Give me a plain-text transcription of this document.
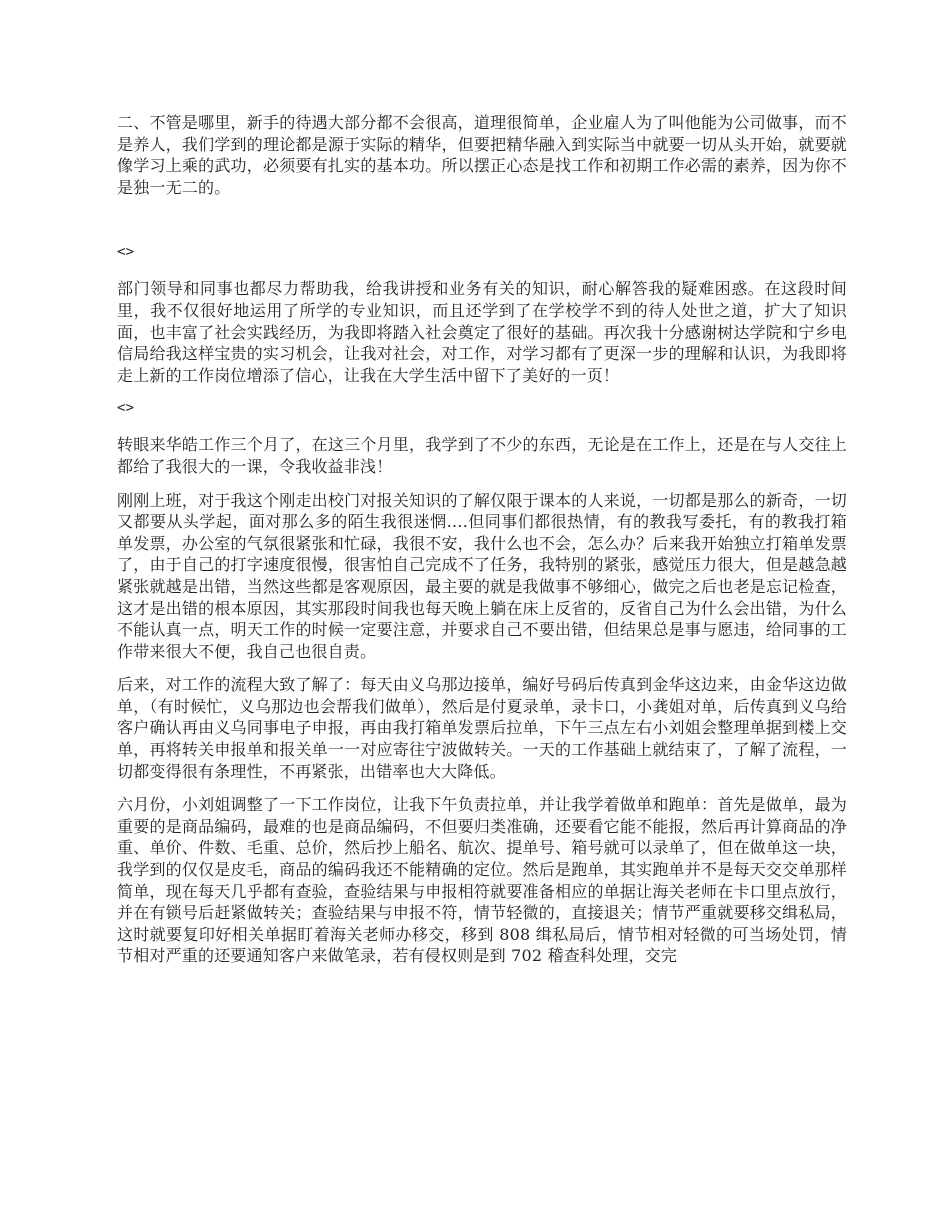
二、不管是哪里，新手的待遇大部分都不会很高，道理很简单，企业雇人为了叫他能为公司做事，而不是养人，我们学到的理论都是源于实际的精华，但要把精华融入到实际当中就要一切从头开始，就要就像学习上乘的武功，必须要有扎实的基本功。所以摆正心态是找工作和初期工作必需的素养，因为你不是独一无二的。

<>

部门领导和同事也都尽力帮助我，给我讲授和业务有关的知识，耐心解答我的疑难困惑。在这段时间里，我不仅很好地运用了所学的专业知识，而且还学到了在学校学不到的待人处世之道，扩大了知识面，也丰富了社会实践经历，为我即将踏入社会奠定了很好的基础。再次我十分感谢树达学院和宁乡电信局给我这样宝贵的实习机会，让我对社会，对工作，对学习都有了更深一步的理解和认识，为我即将走上新的工作岗位增添了信心，让我在大学生活中留下了美好的一页！

<>

转眼来华皓工作三个月了，在这三个月里，我学到了不少的东西，无论是在工作上，还是在与人交往上都给了我很大的一课，令我收益非浅！

刚刚上班，对于我这个刚走出校门对报关知识的了解仅限于课本的人来说，一切都是那么的新奇，一切又都要从头学起，面对那么多的陌生我很迷惘….但同事们都很热情，有的教我写委托，有的教我打箱单发票，办公室的气氛很紧张和忙碌，我很不安，我什么也不会，怎么办？后来我开始独立打箱单发票了，由于自己的打字速度很慢，很害怕自己完成不了任务，我特别的紧张，感觉压力很大，但是越急越紧张就越是出错，当然这些都是客观原因，最主要的就是我做事不够细心，做完之后也老是忘记检查，这才是出错的根本原因，其实那段时间我也每天晚上躺在床上反省的，反省自己为什么会出错，为什么不能认真一点，明天工作的时候一定要注意，并要求自己不要出错，但结果总是事与愿违，给同事的工作带来很大不便，我自己也很自责。

后来，对工作的流程大致了解了：每天由义乌那边接单，编好号码后传真到金华这边来，由金华这边做单，（有时候忙，义乌那边也会帮我们做单），然后是付夏录单，录卡口，小龚姐对单，后传真到义乌给客户确认再由义乌同事电子申报，再由我打箱单发票后拉单，下午三点左右小刘姐会整理单据到楼上交单，再将转关申报单和报关单一一对应寄往宁波做转关。一天的工作基础上就结束了，了解了流程，一切都变得很有条理性，不再紧张，出错率也大大降低。

六月份，小刘姐调整了一下工作岗位，让我下午负责拉单，并让我学着做单和跑单：首先是做单，最为重要的是商品编码，最难的也是商品编码，不但要归类准确，还要看它能不能报，然后再计算商品的净重、单价、件数、毛重、总价，然后抄上船名、航次、提单号、箱号就可以录单了，但在做单这一块，我学到的仅仅是皮毛，商品的编码我还不能精确的定位。然后是跑单，其实跑单并不是每天交交单那样简单，现在每天几乎都有查验，查验结果与申报相符就要准备相应的单据让海关老师在卡口里点放行，并在有锁号后赶紧做转关；查验结果与申报不符，情节轻微的，直接退关；情节严重就要移交缉私局，这时就要复印好相关单据盯着海关老师办移交，移到 808 缉私局后，情节相对轻微的可当场处罚，情节相对严重的还要通知客户来做笔录，若有侵权则是到 702 稽查科处理，交完
